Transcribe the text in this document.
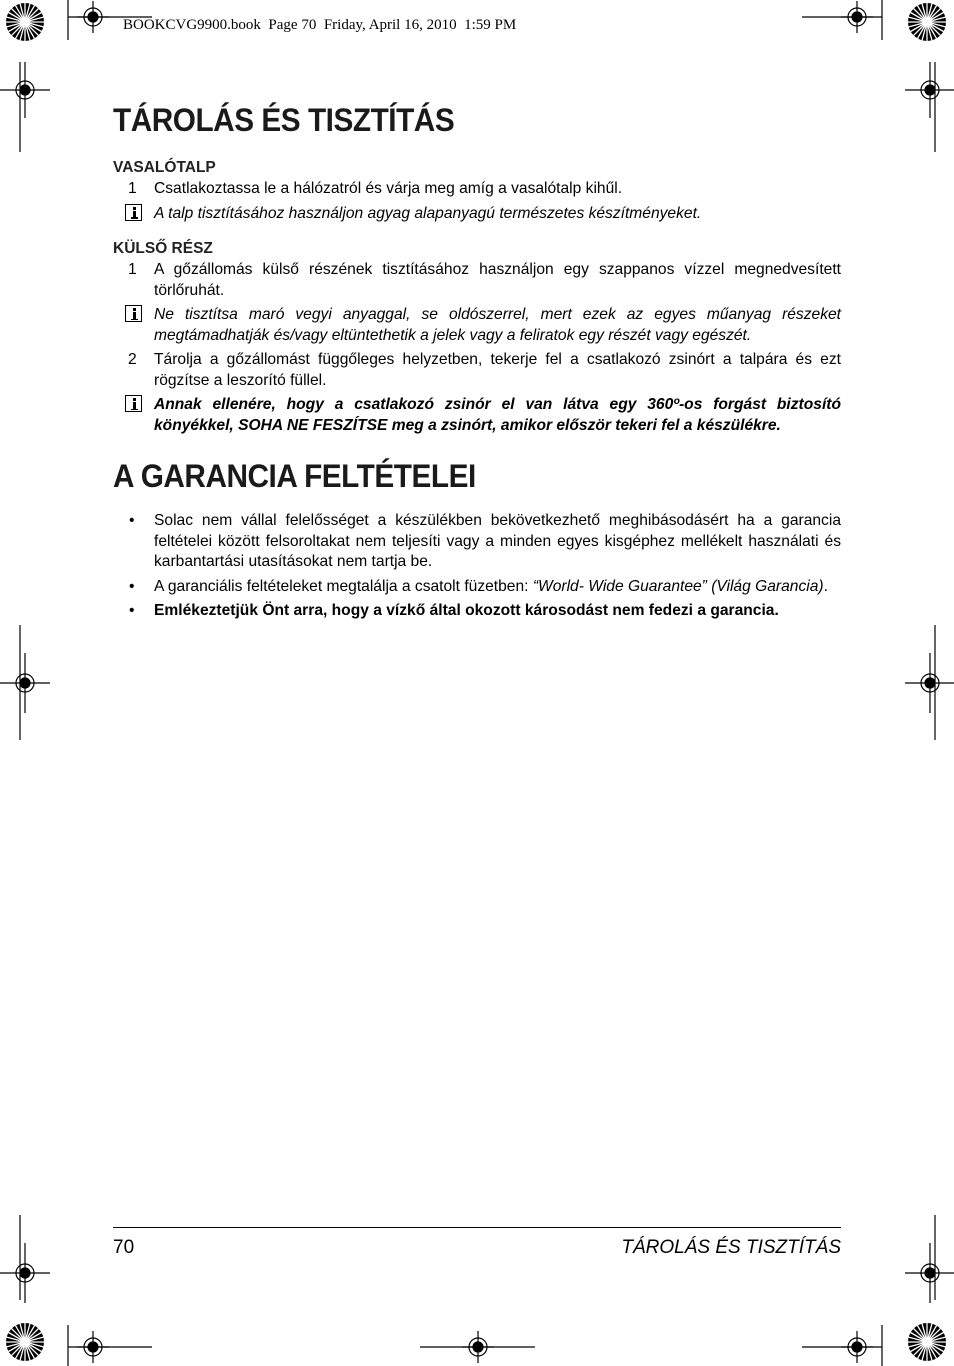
BOOKCVG9900.book  Page 70  Friday, April 16, 2010  1:59 PM
TÁROLÁS ÉS TISZTÍTÁS
VASALÓTALP
1 Csatlakoztassa le a hálózatról és várja meg amíg a vasalótalp kihűl.
A talp tisztításához használjon agyag alapanyagú természetes készítményeket.
KÜLSŐ RÉSZ
1 A gőzállomás külső részének tisztításához használjon egy szappanos vízzel megnedvesített törlőruhát.
Ne tisztítsa maró vegyi anyaggal, se oldószerrel, mert ezek az egyes műanyag részeket megtámadhatják és/vagy eltüntethetik a jelek vagy a feliratok egy részét vagy egészét.
2 Tárolja a gőzállomást függőleges helyzetben, tekerje fel a csatlakozó zsinórt a talpára és ezt rögzítse a leszorító füllel.
Annak ellenére, hogy a csatlakozó zsinór el van látva egy 360º-os forgást biztosító könyékkel, SOHA NE FESZÍTSE meg a zsinórt, amikor először tekeri fel a készülékre.
A GARANCIA FELTÉTELEI
• Solac nem vállal felelősséget a készülékben bekövetkezhető meghibásodásért ha a garancia feltételei között felsoroltakat nem teljesíti vagy a minden egyes kisgéphez mellékelt használati és karbantartási utasításokat nem tartja be.
• A garanciális feltételeket megtalálja a csatolt füzetben: “World- Wide Guarantee” (Világ Garancia).
• Emlékeztetjük Önt arra, hogy a vízkő által okozott károsodást nem fedezi a garancia.
70	TÁROLÁS ÉS TISZTÍTÁS
